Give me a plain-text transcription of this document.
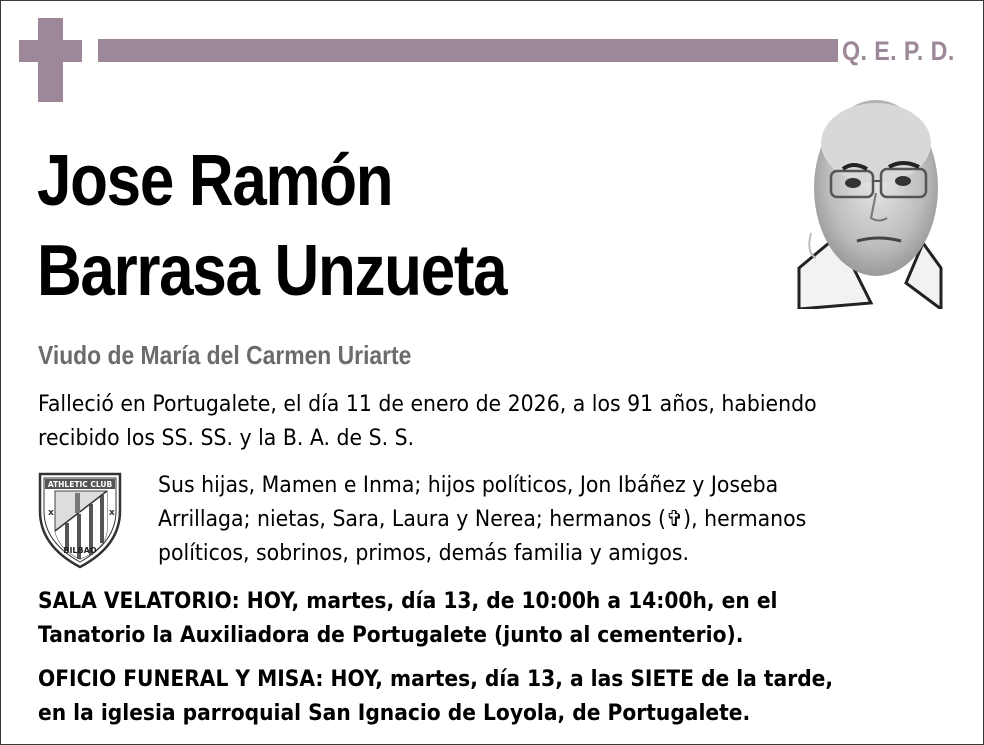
Q. E. P. D.
Jose Ramón
Barrasa Unzueta
Viudo de María del Carmen Uriarte
Falleció en Portugalete, el día 11 de enero de 2026, a los 91 años, habiendo
recibido los SS. SS. y la B. A. de S. S.
ATHLETIC CLUB
x	x
BILBAO
Sus hijas, Mamen e Inma; hijos políticos, Jon Ibáñez y Joseba
Arrillaga; nietas, Sara, Laura y Nerea; hermanos (✞), hermanos
políticos, sobrinos, primos, demás familia y amigos.
SALA VELATORIO: HOY, martes, día 13, de 10:00h a 14:00h, en el
Tanatorio la Auxiliadora de Portugalete (junto al cementerio).
OFICIO FUNERAL Y MISA: HOY, martes, día 13, a las SIETE de la tarde,
en la iglesia parroquial San Ignacio de Loyola, de Portugalete.
